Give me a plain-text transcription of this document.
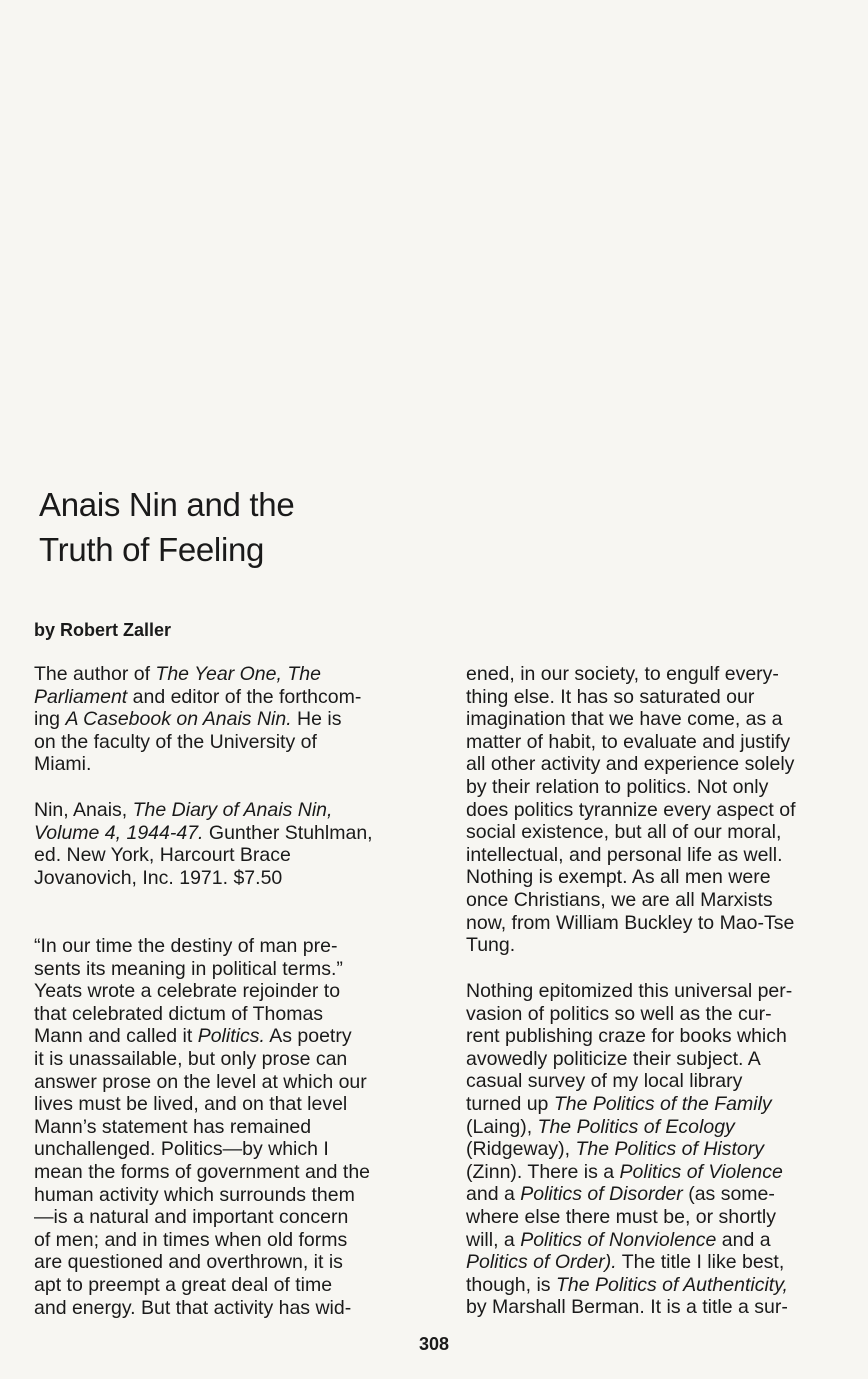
Anais Nin and the
Truth of Feeling

by Robert Zaller

The author of The Year One, The
Parliament and editor of the forthcom-
ing A Casebook on Anais Nin. He is
on the faculty of the University of
Miami.
Nin, Anais, The Diary of Anais Nin,
Volume 4, 1944-47. Gunther Stuhlman,
ed. New York, Harcourt Brace
Jovanovich, Inc. 1971. $7.50
“In our time the destiny of man pre-
sents its meaning in political terms.”
Yeats wrote a celebrate rejoinder to
that celebrated dictum of Thomas
Mann and called it Politics. As poetry
it is unassailable, but only prose can
answer prose on the level at which our
lives must be lived, and on that level
Mann’s statement has remained
unchallenged. Politics—by which I
mean the forms of government and the
human activity which surrounds them
—is a natural and important concern
of men; and in times when old forms
are questioned and overthrown, it is
apt to preempt a great deal of time
and energy. But that activity has wid-
ened, in our society, to engulf every-
thing else. It has so saturated our
imagination that we have come, as a
matter of habit, to evaluate and justify
all other activity and experience solely
by their relation to politics. Not only
does politics tyrannize every aspect of
social existence, but all of our moral,
intellectual, and personal life as well.
Nothing is exempt. As all men were
once Christians, we are all Marxists
now, from William Buckley to Mao-Tse
Tung.
Nothing epitomized this universal per-
vasion of politics so well as the cur-
rent publishing craze for books which
avowedly politicize their subject. A
casual survey of my local library
turned up The Politics of the Family
(Laing), The Politics of Ecology
(Ridgeway), The Politics of History
(Zinn). There is a Politics of Violence
and a Politics of Disorder (as some-
where else there must be, or shortly
will, a Politics of Nonviolence and a
Politics of Order). The title I like best,
though, is The Politics of Authenticity,
by Marshall Berman. It is a title a sur-
308
